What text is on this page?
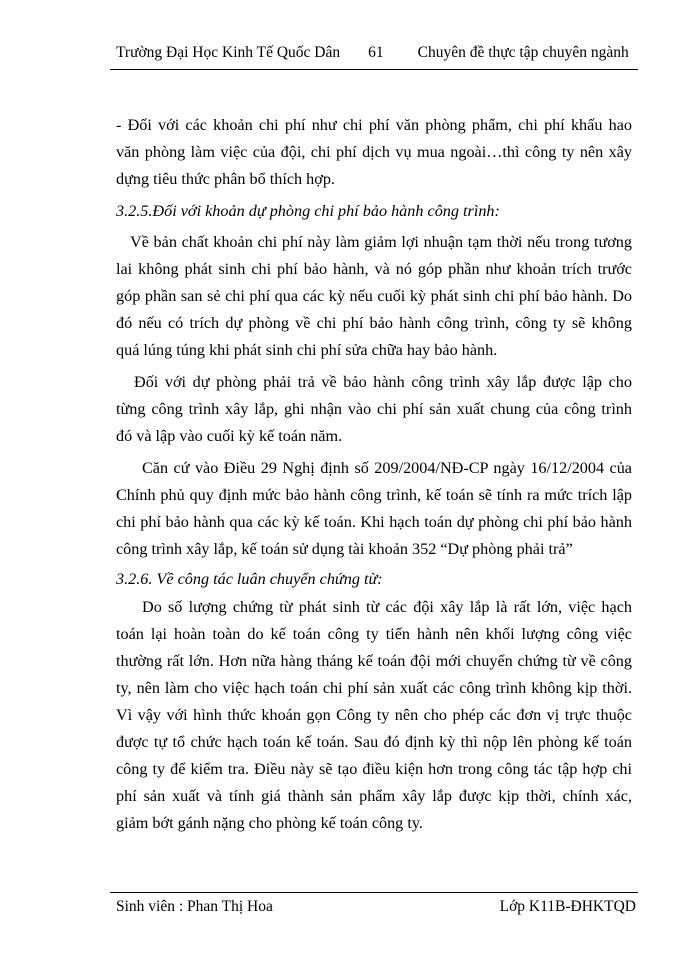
Trường Đại Học Kinh Tế Quốc Dân 61 Chuyên đề thực tập chuyên ngành
- Đối với các khoản chi phí như chi phí văn phòng phẩm, chi phí khấu hao
văn phòng làm việc của đội, chi phí dịch vụ mua ngoài…thì công ty nên xây
dựng tiêu thức phân bổ thích hợp.
3.2.5.Đối với khoản dự phòng chi phí bảo hành công trình:
Về bản chất khoản chi phí này làm giảm lợi nhuận tạm thời nếu trong tương
lai không phát sinh chi phí bảo hành, và nó góp phần như khoản trích trước
góp phần san sẻ chi phí qua các kỳ nếu cuối kỳ phát sinh chi phí bảo hành. Do
đó nếu có trích dự phòng về chi phí bảo hành công trình, công ty sẽ không
quá lúng túng khi phát sinh chi phí sửa chữa hay bảo hành.
Đối với dự phòng phải trả về bảo hành công trình xây lắp được lập cho
từng công trình xây lắp, ghi nhận vào chi phí sản xuất chung của công trình
đó và lập vào cuối kỳ kế toán năm.
Căn cứ vào Điều 29 Nghị định số 209/2004/NĐ-CP ngày 16/12/2004 của
Chính phủ quy định mức bảo hành công trình, kế toán sẽ tính ra mức trích lập
chi phí bảo hành qua các kỳ kế toán. Khi hạch toán dự phòng chi phí bảo hành
công trình xây lắp, kế toán sử dụng tài khoản 352 “Dự phòng phải trả”
3.2.6. Về công tác luân chuyển chứng từ:
Do số lượng chứng từ phát sinh từ các đội xây lắp là rất lớn, việc hạch
toán lại hoàn toàn do kế toán công ty tiến hành nên khối lượng công việc
thường rất lớn. Hơn nữa hàng tháng kế toán đội mới chuyển chứng từ về công
ty, nên làm cho việc hạch toán chi phí sản xuất các công trình không kịp thời.
Vì vậy với hình thức khoán gọn Công ty nên cho phép các đơn vị trực thuộc
được tự tổ chức hạch toán kế toán. Sau đó định kỳ thì nộp lên phòng kế toán
công ty để kiểm tra. Điều này sẽ tạo điều kiện hơn trong công tác tập hợp chi
phí sản xuất và tính giá thành sản phẩm xây lắp được kịp thời, chính xác,
giảm bớt gánh nặng cho phòng kế toán công ty.
Sinh viên : Phan Thị Hoa	Lớp K11B-ĐHKTQD
